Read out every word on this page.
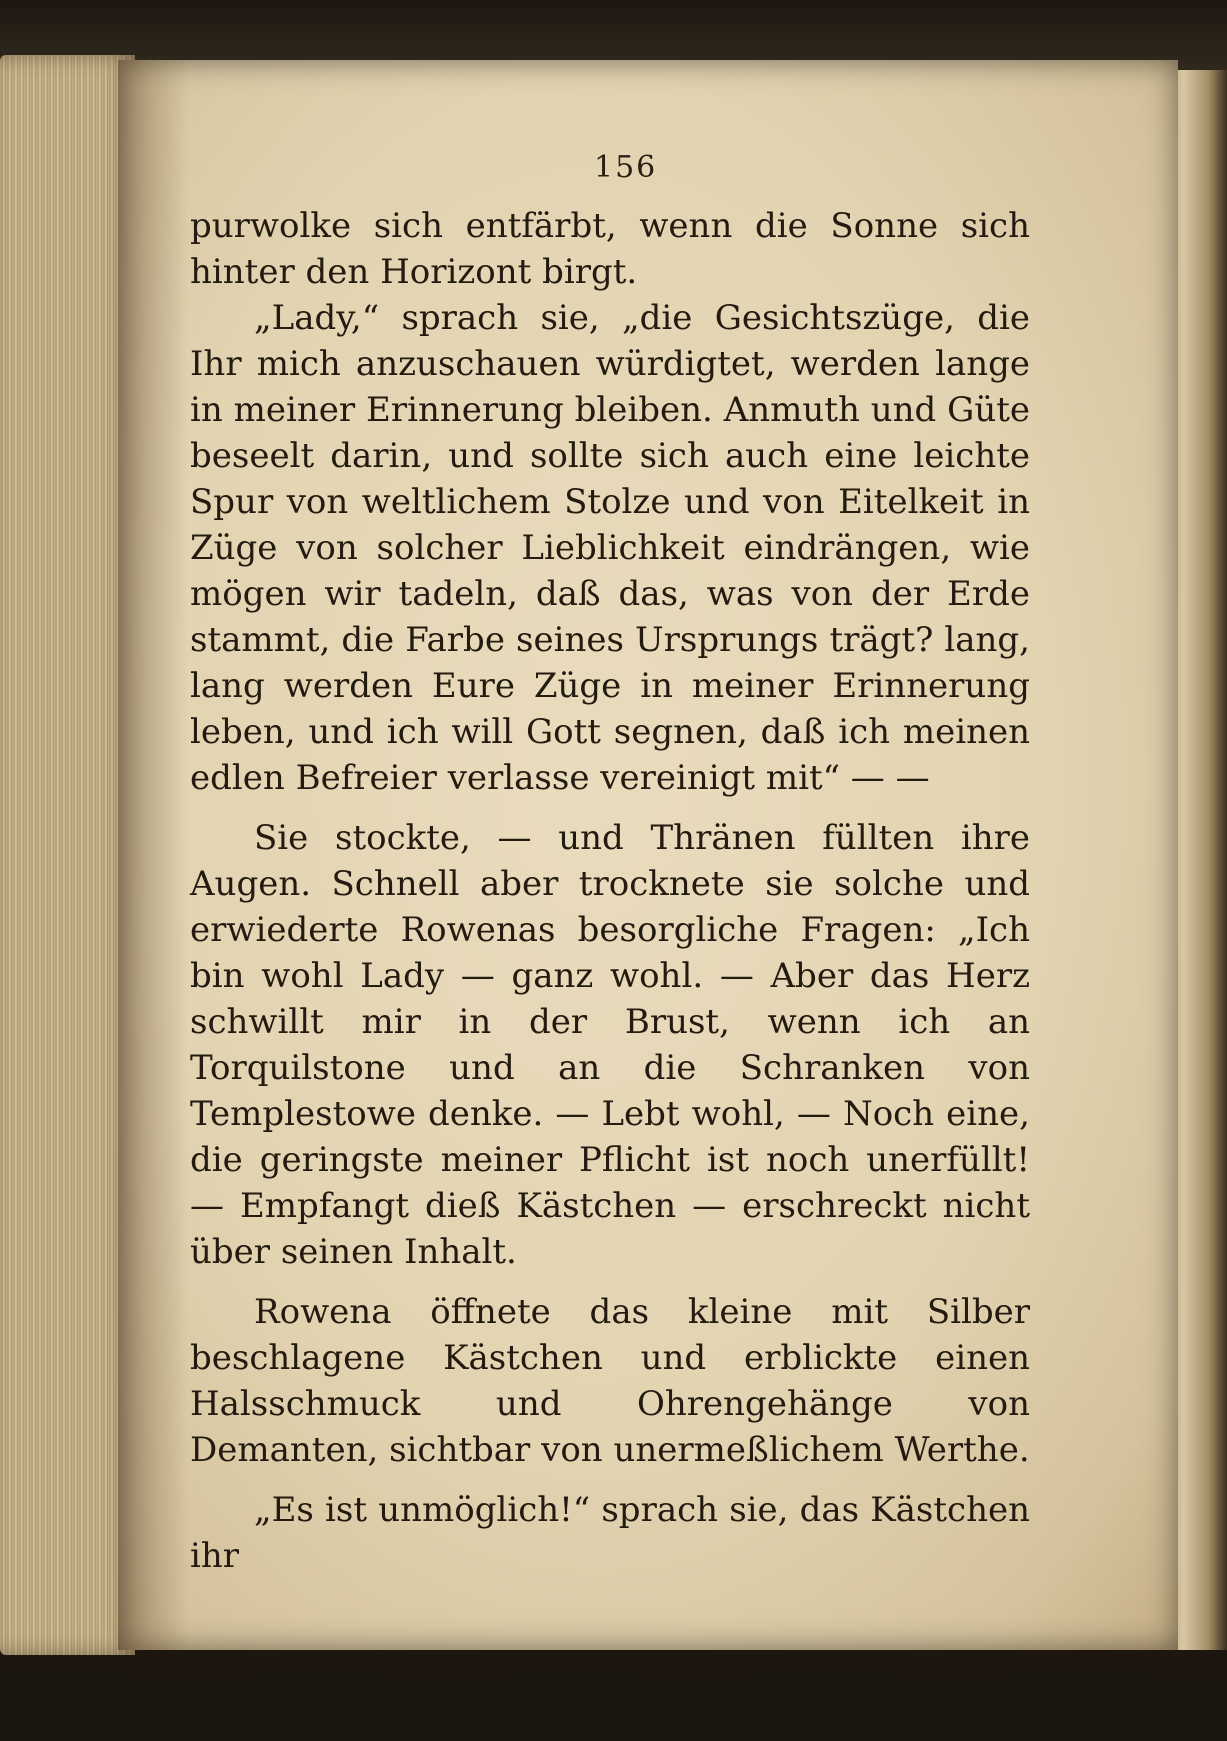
156

purwolke sich entfärbt, wenn die Sonne sich hinter den Horizont birgt.

„Lady,“ sprach sie, „die Gesichtszüge, die Ihr mich anzuschauen würdigtet, werden lange in meiner Erinnerung bleiben. Anmuth und Güte beseelt darin, und sollte sich auch eine leichte Spur von weltlichem Stolze und von Eitelkeit in Züge von solcher Lieblichkeit eindrängen, wie mögen wir tadeln, daß das, was von der Erde stammt, die Farbe seines Ursprungs trägt? lang, lang werden Eure Züge in meiner Erinnerung leben, und ich will Gott segnen, daß ich meinen edlen Befreier verlasse vereinigt mit“ — —

Sie stockte, — und Thränen füllten ihre Augen. Schnell aber trocknete sie solche und erwiederte Rowenas besorgliche Fragen: „Ich bin wohl Lady — ganz wohl. — Aber das Herz schwillt mir in der Brust, wenn ich an Torquilstone und an die Schranken von Templestowe denke. — Lebt wohl, — Noch eine, die geringste meiner Pflicht ist noch unerfüllt! — Empfangt dieß Kästchen — erschreckt nicht über seinen Inhalt.

Rowena öffnete das kleine mit Silber beschlagene Kästchen und erblickte einen Halsschmuck und Ohrengehänge von Demanten, sichtbar von unermeßlichem Werthe.

„Es ist unmöglich!“ sprach sie, das Kästchen ihr
